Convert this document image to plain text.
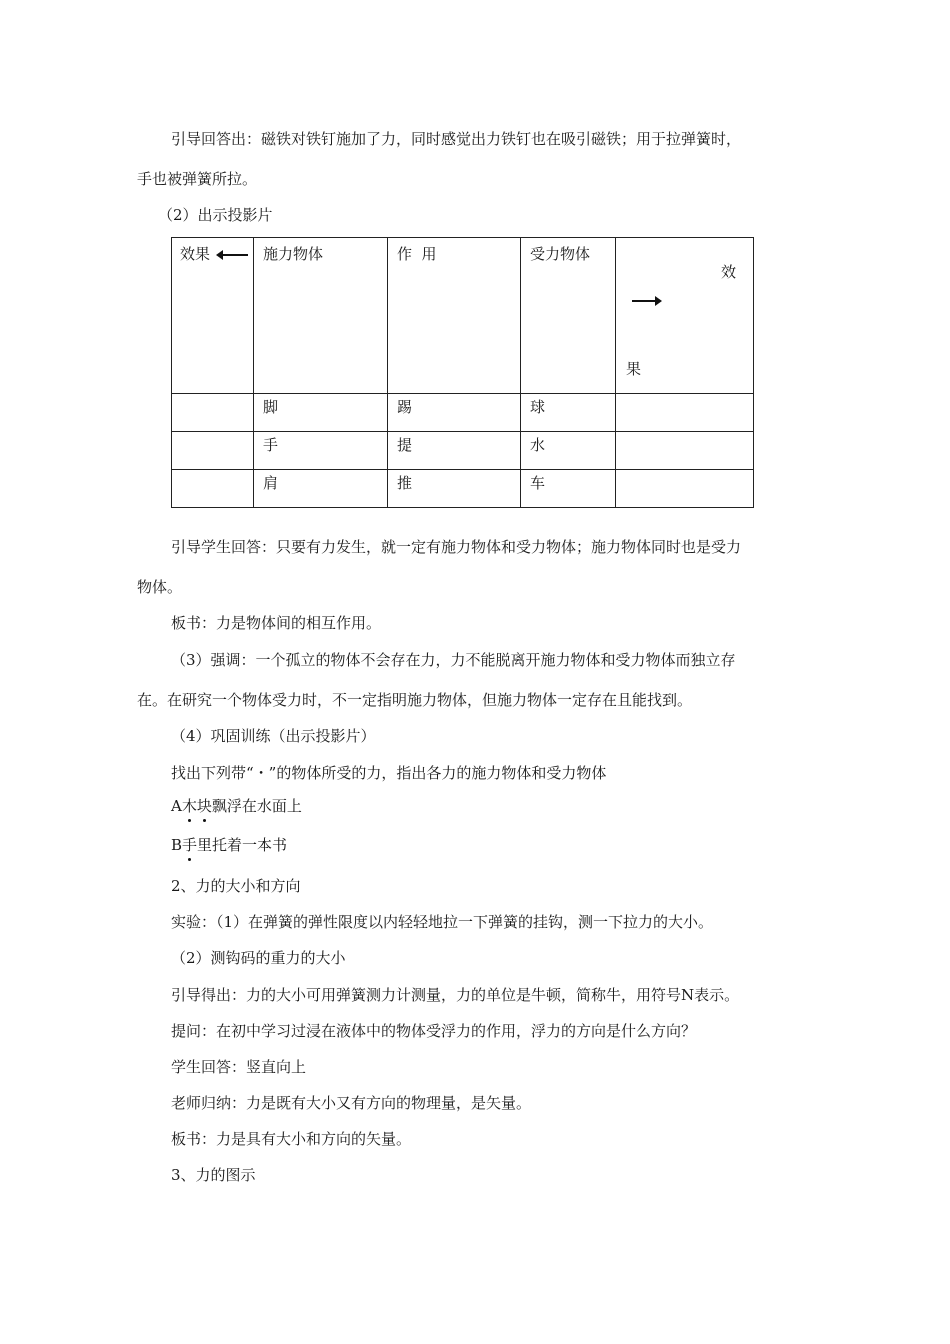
引导回答出：磁铁对铁钉施加了力，同时感觉出力铁钉也在吸引磁铁；用于拉弹簧时，
手也被弹簧所拉。
（2）出示投影片
效果	施力物体	作  用	受力物体	效
果

	脚	踢	球	

	手	提	水	

	肩	推	车	

引导学生回答：只要有力发生，就一定有施力物体和受力物体；施力物体同时也是受力
物体。
板书：力是物体间的相互作用。
（3）强调：一个孤立的物体不会存在力，力不能脱离开施力物体和受力物体而独立存
在。在研究一个物体受力时，不一定指明施力物体，但施力物体一定存在且能找到。
（4）巩固训练（出示投影片）
找出下列带“・”的物体所受的力，指出各力的施力物体和受力物体
A木块飘浮在水面上
B手里托着一本书
2、力的大小和方向
实验：（1）在弹簧的弹性限度以内轻轻地拉一下弹簧的挂钩，测一下拉力的大小。
（2）测钩码的重力的大小
引导得出：力的大小可用弹簧测力计测量，力的单位是牛顿，简称牛，用符号N表示。
提问：在初中学习过浸在液体中的物体受浮力的作用，浮力的方向是什么方向？
学生回答：竖直向上
老师归纳：力是既有大小又有方向的物理量，是矢量。
板书：力是具有大小和方向的矢量。
3、力的图示
